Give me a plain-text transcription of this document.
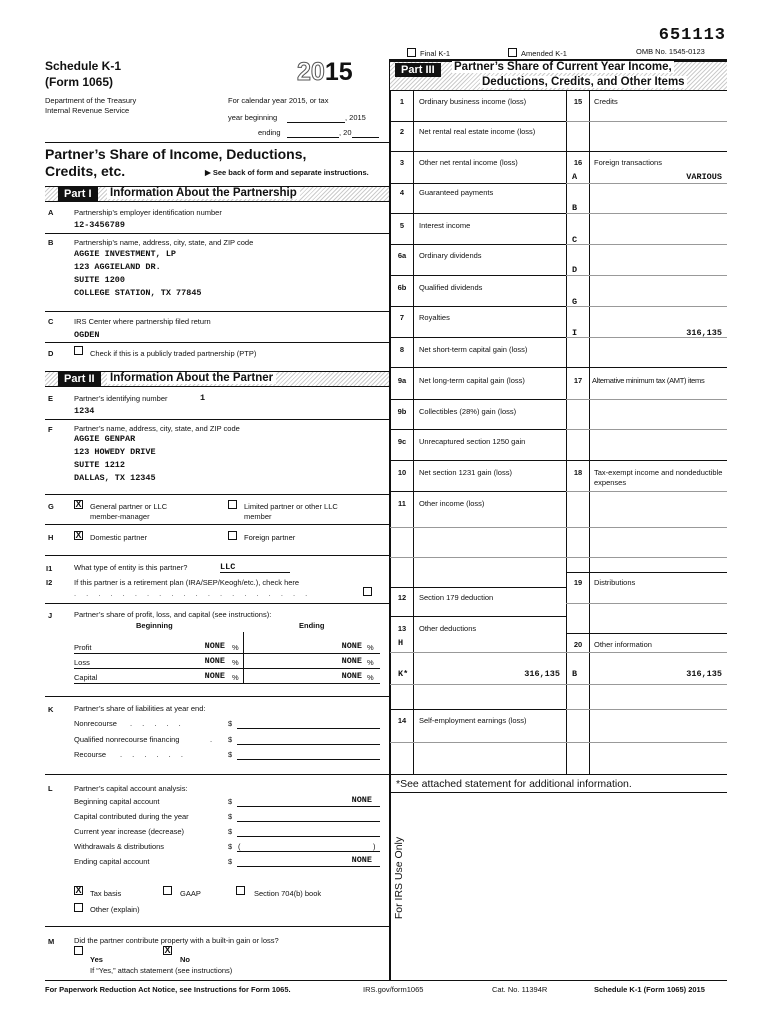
651113
Final K-1	Amended K-1	OMB No. 1545-0123
Schedule K-1
(Form 1065)	2015
Department of the Treasury
Internal Revenue Service
For calendar year 2015, or tax
year beginning	, 2015
ending	, 20
Partner’s Share of Income, Deductions,
Credits, etc.	▶ See back of form and separate instructions.
Part I	Information About the Partnership
A	Partnership’s employer identification number
12-3456789
B	Partnership’s name, address, city, state, and ZIP code
AGGIE INVESTMENT, LP
123 AGGIELAND DR.
SUITE 1200
COLLEGE STATION, TX 77845
C	IRS Center where partnership filed return
OGDEN
D	Check if this is a publicly traded partnership (PTP)
Part II	Information About the Partner
E	Partner’s identifying number	1
1234
F	Partner’s name, address, city, state, and ZIP code
AGGIE GENPAR
123 HOWEDY DRIVE
SUITE 1212
DALLAS, TX 12345
G X General partner or LLC
member-manager
Limited partner or other LLC
member
H X Domestic partner	Foreign partner
I1	What type of entity is this partner?	LLC
I2	If this partner is a retirement plan (IRA/SEP/Keogh/etc.), check here
. . . . . . . . . . . . . . . . . . . .
J	Partner’s share of profit, loss, and capital (see instructions):
Beginning	Ending
Profit	NONE %	NONE %
Loss	NONE %	NONE %
Capital	NONE %	NONE %
K	Partner’s share of liabilities at year end:
Nonrecourse . . . . .	$
Qualified nonrecourse financing	. $
Recourse . . . . . .	$
L	Partner’s capital account analysis:
Beginning capital account	$	NONE
Capital contributed during the year	$
Current year increase (decrease)	$
Withdrawals & distributions	$ (	)
Ending capital account	$	NONE
X Tax basis	GAAP	Section 704(b) book
Other (explain)
M	Did the partner contribute property with a built-in gain or loss?
Yes
X
No
If “Yes,” attach statement (see instructions)
Part III	Partner’s Share of Current Year Income,
Deductions, Credits, and Other Items
1	Ordinary business income (loss)
2	Net rental real estate income (loss)
3	Other net rental income (loss)
4	Guaranteed payments
5	Interest income
6a	Ordinary dividends
6b	Qualified dividends
7	Royalties
8	Net short-term capital gain (loss)
9a	Net long-term capital gain (loss)
9b	Collectibles (28%) gain (loss)
9c	Unrecaptured section 1250 gain
10	Net section 1231 gain (loss)
11	Other income (loss)
12	Section 179 deduction
13	Other deductions
H
K*	316,135
14	Self-employment earnings (loss)
15	Credits
16	Foreign transactions
A	VARIOUS
B
C
D
G
I	316,135
17	Alternative minimum tax (AMT) items
18	Tax-exempt income and nondeductible expenses
19	Distributions
20	Other information
B	316,135
*See attached statement for additional information.
For IRS Use Only
For Paperwork Reduction Act Notice, see Instructions for Form 1065.	IRS.gov/form1065	Cat. No. 11394R	Schedule K-1 (Form 1065) 2015
